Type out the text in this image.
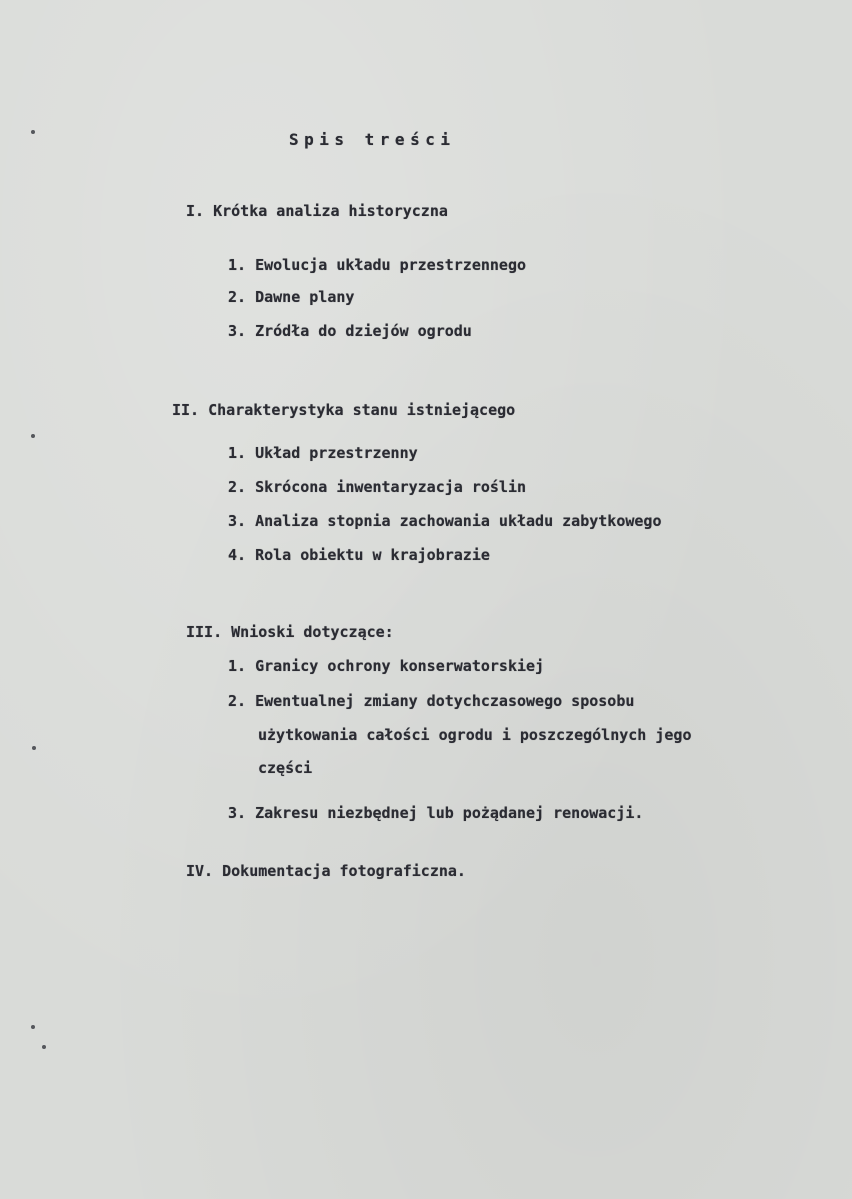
Spis treści
I. Krótka analiza historyczna
1. Ewolucja układu przestrzennego
2. Dawne plany
3. Zródła do dziejów ogrodu
II. Charakterystyka stanu istniejącego
1. Układ przestrzenny
2. Skrócona inwentaryzacja roślin
3. Analiza stopnia zachowania układu zabytkowego
4. Rola obiektu w krajobrazie
III. Wnioski dotyczące:
1. Granicy ochrony konserwatorskiej
2. Ewentualnej zmiany dotychczasowego sposobu
użytkowania całości ogrodu i poszczególnych jego
części
3. Zakresu niezbędnej lub pożądanej renowacji.
IV. Dokumentacja fotograficzna.
